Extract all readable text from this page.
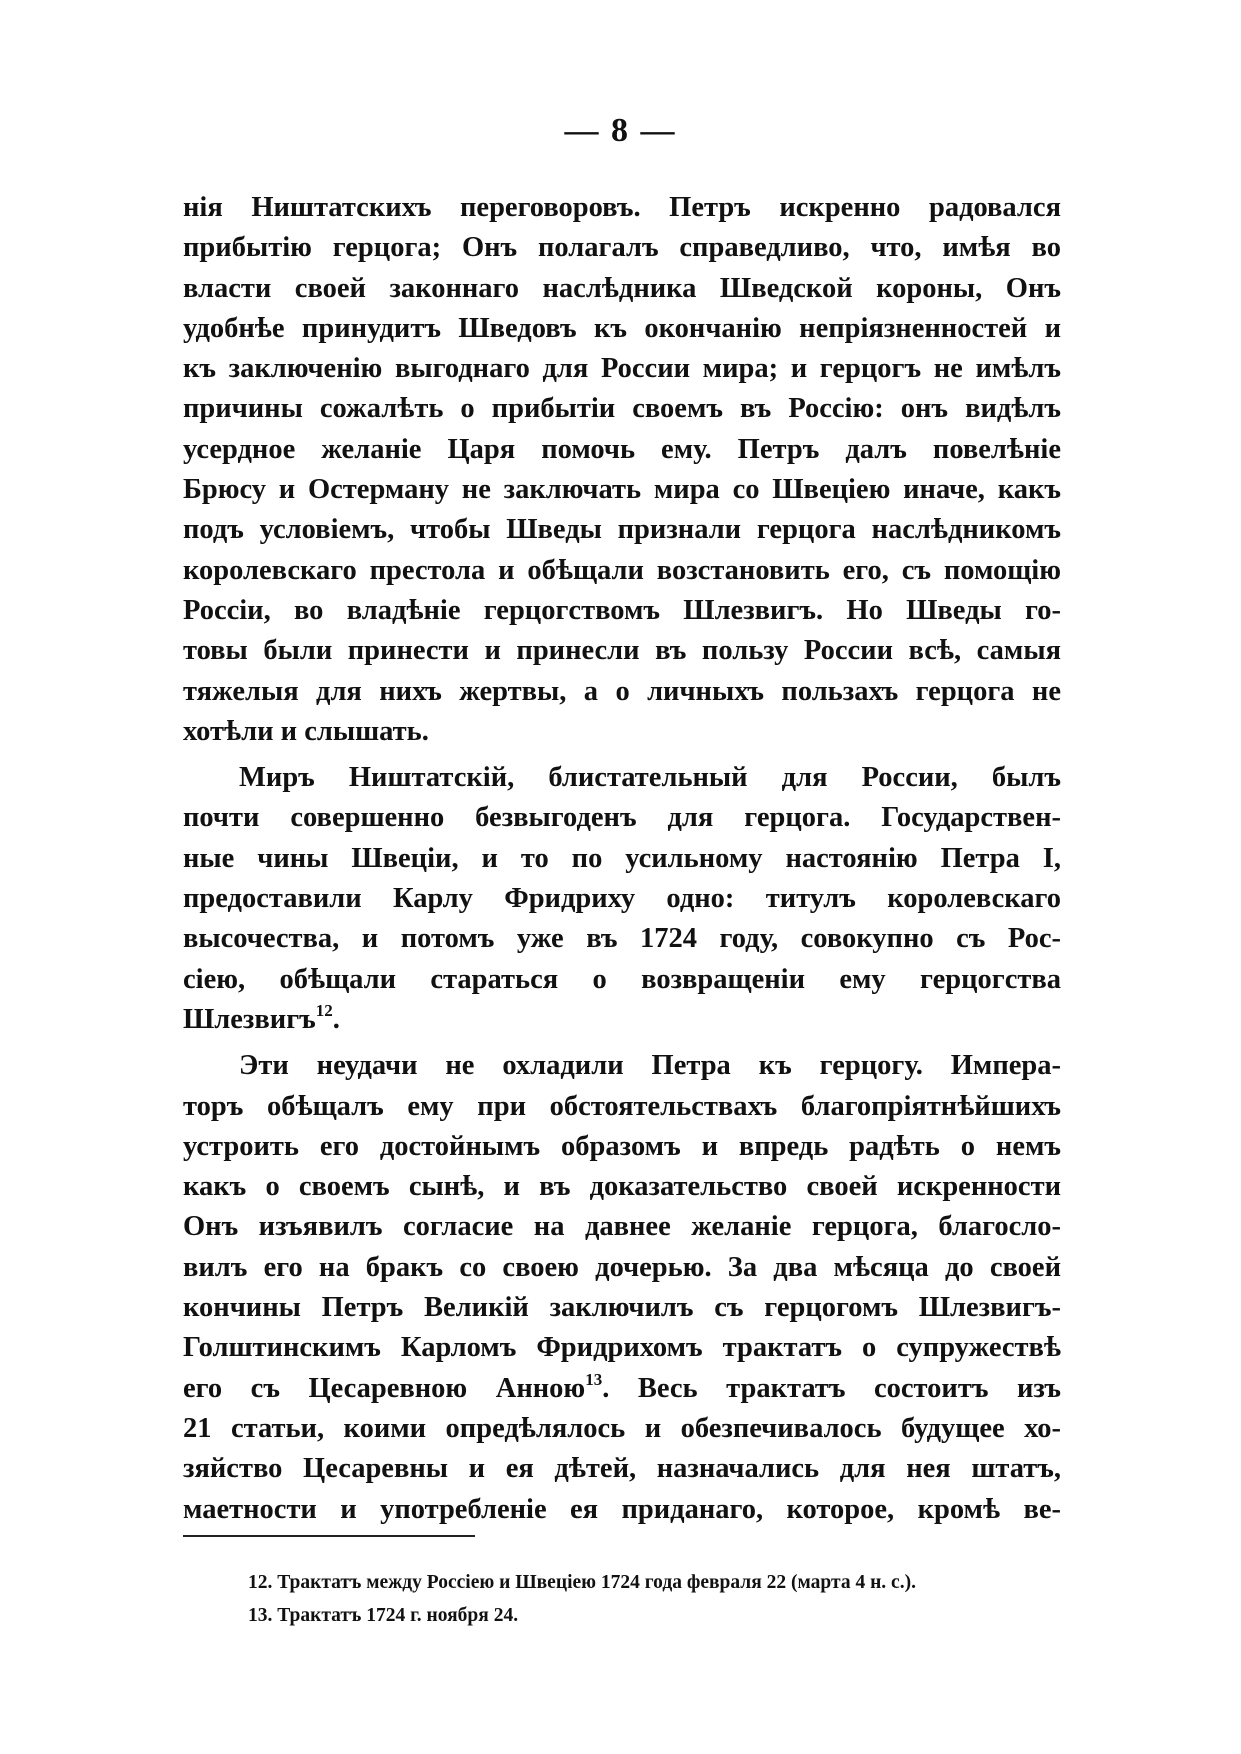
— 8 —
нія Ништатскихъ переговоровъ. Петръ искренно радовался
прибытію герцога; Онъ полагалъ справедливо, что, имѣя во
власти своей законнаго наслѣдника Шведской короны, Онъ
удобнѣе принудитъ Шведовъ къ окончанію непріязненностей и
къ заключенію выгоднаго для России мира; и герцогъ не имѣлъ
причины сожалѣть о прибытіи своемъ въ Россію: онъ видѣлъ
усердное желаніе Царя помочь ему. Петръ далъ повелѣніе
Брюсу и Остерману не заключать мира со Швеціею иначе, какъ
подъ условіемъ, чтобы Шведы признали герцога наслѣдникомъ
королевскаго престола и обѣщали возстановить его, съ помощію
Россіи, во владѣніе герцогствомъ Шлезвигъ. Но Шведы го-
товы были принести и принесли въ пользу России всѣ, самыя
тяжелыя для нихъ жертвы, а о личныхъ пользахъ герцога не
хотѣли и слышать.
Миръ Ништатскій, блистательный для России, былъ
почти совершенно безвыгоденъ для герцога. Государствен-
ные чины Швеціи, и то по усильному настоянію Петра I,
предоставили Карлу Фридриху одно: титулъ королевскаго
высочества, и потомъ уже въ 1724 году, совокупно съ Рос-
сіею, обѣщали стараться о возвращеніи ему герцогства
Шлезвигъ$^{12}$.
Эти неудачи не охладили Петра къ герцогу. Импера-
торъ обѣщалъ ему при обстоятельствахъ благопріятнѣйшихъ
устроить его достойнымъ образомъ и впредь радѣть о немъ
какъ о своемъ сынѣ, и въ доказательство своей искренности
Онъ изъявилъ согласие на давнее желаніе герцога, благосло-
вилъ его на бракъ со своею дочерью. За два мѣсяца до своей
кончины Петръ Великій заключилъ съ герцогомъ Шлезвигъ-
Голштинскимъ Карломъ Фридрихомъ трактатъ о супружествѣ
его съ Цесаревною Анною$^{13}$. Весь трактатъ состоитъ изъ
21 статьи, коими опредѣлялось и обезпечивалось будущее хо-
зяйство Цесаревны и ея дѣтей, назначались для нея штатъ,
маетности и употребленіе ея приданаго, которое, кромѣ ве-
12. Трактатъ между Россіею и Швеціею 1724 года февраля 22 (марта 4 н. с.).
13. Трактатъ 1724 г. ноября 24.
